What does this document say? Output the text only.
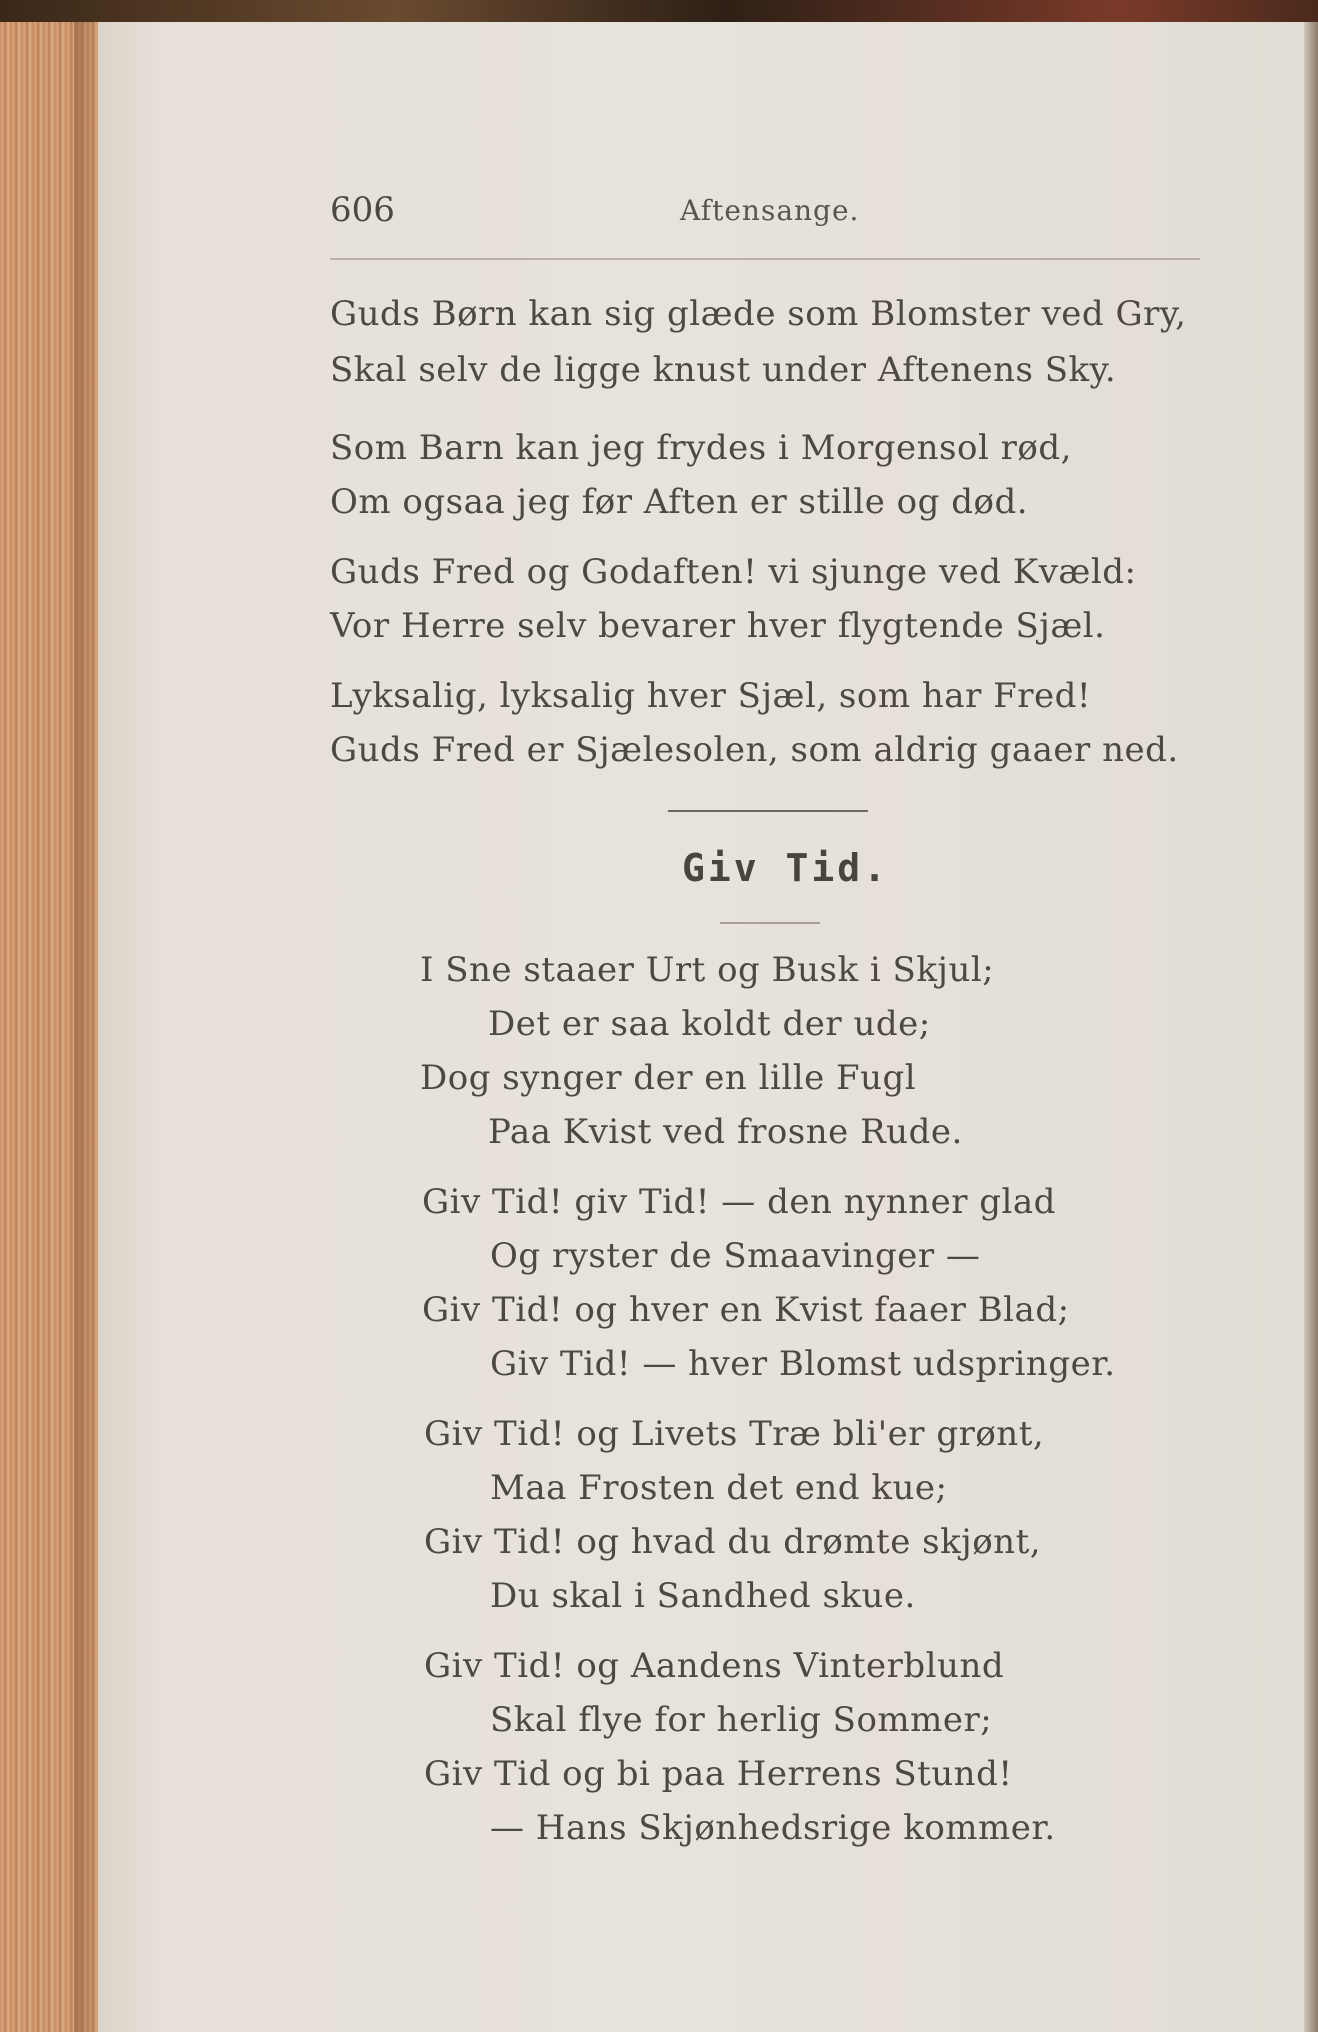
606	Aftensange.
Guds Børn kan sig glæde som Blomster ved Gry,
Skal selv de ligge knust under Aftenens Sky.
Som Barn kan jeg frydes i Morgensol rød,
Om ogsaa jeg før Aften er stille og død.
Guds Fred og Godaften! vi sjunge ved Kvæld:
Vor Herre selv bevarer hver flygtende Sjæl.
Lyksalig, lyksalig hver Sjæl, som har Fred!
Guds Fred er Sjælesolen, som aldrig gaaer ned.
Giv Tid.
I Sne staaer Urt og Busk i Skjul;
Det er saa koldt der ude;
Dog synger der en lille Fugl
Paa Kvist ved frosne Rude.
Giv Tid! giv Tid! — den nynner glad
Og ryster de Smaavinger —
Giv Tid! og hver en Kvist faaer Blad;
Giv Tid! — hver Blomst udspringer.
Giv Tid! og Livets Træ bli'er grønt,
Maa Frosten det end kue;
Giv Tid! og hvad du drømte skjønt,
Du skal i Sandhed skue.
Giv Tid! og Aandens Vinterblund
Skal flye for herlig Sommer;
Giv Tid og bi paa Herrens Stund!
— Hans Skjønhedsrige kommer.
